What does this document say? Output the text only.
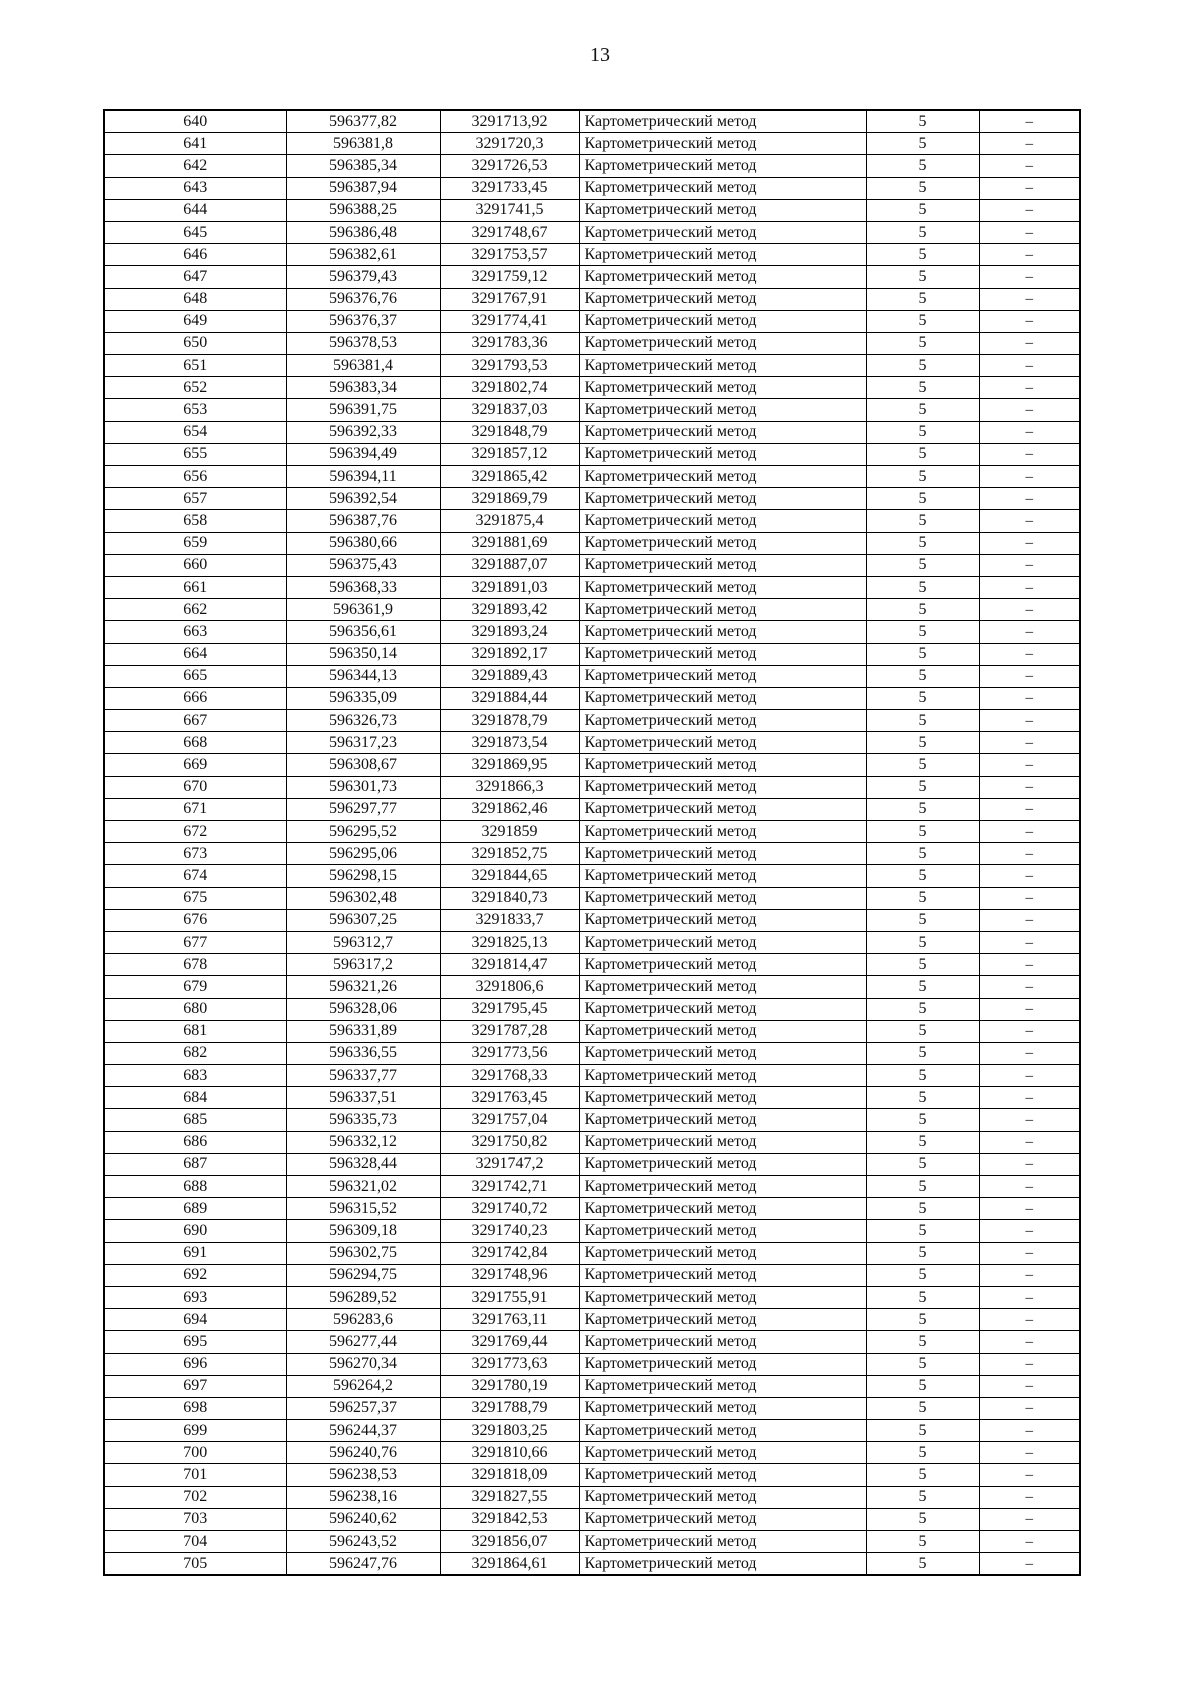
13
640	596377,82	3291713,92	Картометрический метод	5	–
641	596381,8	3291720,3	Картометрический метод	5	–
642	596385,34	3291726,53	Картометрический метод	5	–
643	596387,94	3291733,45	Картометрический метод	5	–
644	596388,25	3291741,5	Картометрический метод	5	–
645	596386,48	3291748,67	Картометрический метод	5	–
646	596382,61	3291753,57	Картометрический метод	5	–
647	596379,43	3291759,12	Картометрический метод	5	–
648	596376,76	3291767,91	Картометрический метод	5	–
649	596376,37	3291774,41	Картометрический метод	5	–
650	596378,53	3291783,36	Картометрический метод	5	–
651	596381,4	3291793,53	Картометрический метод	5	–
652	596383,34	3291802,74	Картометрический метод	5	–
653	596391,75	3291837,03	Картометрический метод	5	–
654	596392,33	3291848,79	Картометрический метод	5	–
655	596394,49	3291857,12	Картометрический метод	5	–
656	596394,11	3291865,42	Картометрический метод	5	–
657	596392,54	3291869,79	Картометрический метод	5	–
658	596387,76	3291875,4	Картометрический метод	5	–
659	596380,66	3291881,69	Картометрический метод	5	–
660	596375,43	3291887,07	Картометрический метод	5	–
661	596368,33	3291891,03	Картометрический метод	5	–
662	596361,9	3291893,42	Картометрический метод	5	–
663	596356,61	3291893,24	Картометрический метод	5	–
664	596350,14	3291892,17	Картометрический метод	5	–
665	596344,13	3291889,43	Картометрический метод	5	–
666	596335,09	3291884,44	Картометрический метод	5	–
667	596326,73	3291878,79	Картометрический метод	5	–
668	596317,23	3291873,54	Картометрический метод	5	–
669	596308,67	3291869,95	Картометрический метод	5	–
670	596301,73	3291866,3	Картометрический метод	5	–
671	596297,77	3291862,46	Картометрический метод	5	–
672	596295,52	3291859	Картометрический метод	5	–
673	596295,06	3291852,75	Картометрический метод	5	–
674	596298,15	3291844,65	Картометрический метод	5	–
675	596302,48	3291840,73	Картометрический метод	5	–
676	596307,25	3291833,7	Картометрический метод	5	–
677	596312,7	3291825,13	Картометрический метод	5	–
678	596317,2	3291814,47	Картометрический метод	5	–
679	596321,26	3291806,6	Картометрический метод	5	–
680	596328,06	3291795,45	Картометрический метод	5	–
681	596331,89	3291787,28	Картометрический метод	5	–
682	596336,55	3291773,56	Картометрический метод	5	–
683	596337,77	3291768,33	Картометрический метод	5	–
684	596337,51	3291763,45	Картометрический метод	5	–
685	596335,73	3291757,04	Картометрический метод	5	–
686	596332,12	3291750,82	Картометрический метод	5	–
687	596328,44	3291747,2	Картометрический метод	5	–
688	596321,02	3291742,71	Картометрический метод	5	–
689	596315,52	3291740,72	Картометрический метод	5	–
690	596309,18	3291740,23	Картометрический метод	5	–
691	596302,75	3291742,84	Картометрический метод	5	–
692	596294,75	3291748,96	Картометрический метод	5	–
693	596289,52	3291755,91	Картометрический метод	5	–
694	596283,6	3291763,11	Картометрический метод	5	–
695	596277,44	3291769,44	Картометрический метод	5	–
696	596270,34	3291773,63	Картометрический метод	5	–
697	596264,2	3291780,19	Картометрический метод	5	–
698	596257,37	3291788,79	Картометрический метод	5	–
699	596244,37	3291803,25	Картометрический метод	5	–
700	596240,76	3291810,66	Картометрический метод	5	–
701	596238,53	3291818,09	Картометрический метод	5	–
702	596238,16	3291827,55	Картометрический метод	5	–
703	596240,62	3291842,53	Картометрический метод	5	–
704	596243,52	3291856,07	Картометрический метод	5	–
705	596247,76	3291864,61	Картометрический метод	5	–
